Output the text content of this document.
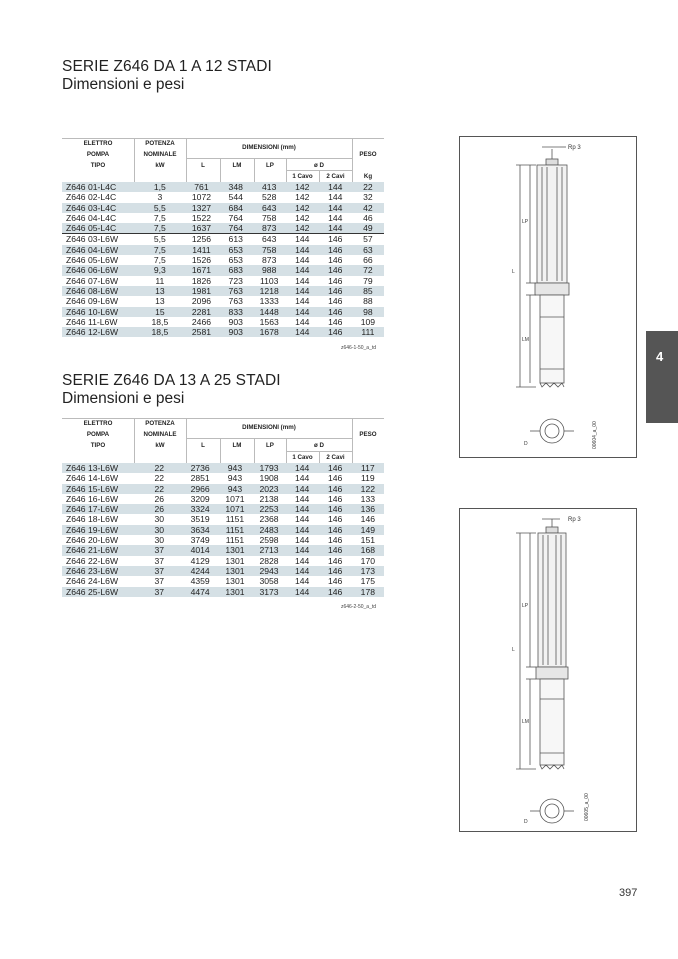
SERIE Z646 DA 1 A 12 STADI
Dimensioni e pesi
ELETTRO
POMPA
TIPO
POTENZA
NOMINALE
kW
DIMENSIONI (mm)
L	LM	LP	ø D
1 Cavo	2 Cavi
PESO
Kg
Z646 01-L4C	1,5	761	348	413	142	144	22
Z646 02-L4C	3	1072	544	528	142	144	32
Z646 03-L4C	5,5	1327	684	643	142	144	42
Z646 04-L4C	7,5	1522	764	758	142	144	46
Z646 05-L4C	7,5	1637	764	873	142	144	49
Z646 03-L6W	5,5	1256	613	643	144	146	57
Z646 04-L6W	7,5	1411	653	758	144	146	63
Z646 05-L6W	7,5	1526	653	873	144	146	66
Z646 06-L6W	9,3	1671	683	988	144	146	72
Z646 07-L6W	11	1826	723	1103	144	146	79
Z646 08-L6W	13	1981	763	1218	144	146	85
Z646 09-L6W	13	2096	763	1333	144	146	88
Z646 10-L6W	15	2281	833	1448	144	146	98
Z646 11-L6W	18,5	2466	903	1563	144	146	109
Z646 12-L6W	18,5	2581	903	1678	144	146	111
z646-1-50_a_td
SERIE Z646 DA 13 A 25 STADI
Dimensioni e pesi
ELETTRO
POMPA
TIPO
POTENZA
NOMINALE
kW
DIMENSIONI (mm)
L	LM	LP	ø D
1 Cavo	2 Cavi
PESO
Z646 13-L6W	22	2736	943	1793	144	146	117
Z646 14-L6W	22	2851	943	1908	144	146	119
Z646 15-L6W	22	2966	943	2023	144	146	122
Z646 16-L6W	26	3209	1071	2138	144	146	133
Z646 17-L6W	26	3324	1071	2253	144	146	136
Z646 18-L6W	30	3519	1151	2368	144	146	146
Z646 19-L6W	30	3634	1151	2483	144	146	149
Z646 20-L6W	30	3749	1151	2598	144	146	151
Z646 21-L6W	37	4014	1301	2713	144	146	168
Z646 22-L6W	37	4129	1301	2828	144	146	170
Z646 23-L6W	37	4244	1301	2943	144	146	173
Z646 24-L6W	37	4359	1301	3058	144	146	175
Z646 25-L6W	37	4474	1301	3173	144	146	178
z646-2-50_a_td
Rp 3
LP
L
LM
D	00604_a_00
Rp 3
LP
L
LM
D
00605_a_00
4
397
